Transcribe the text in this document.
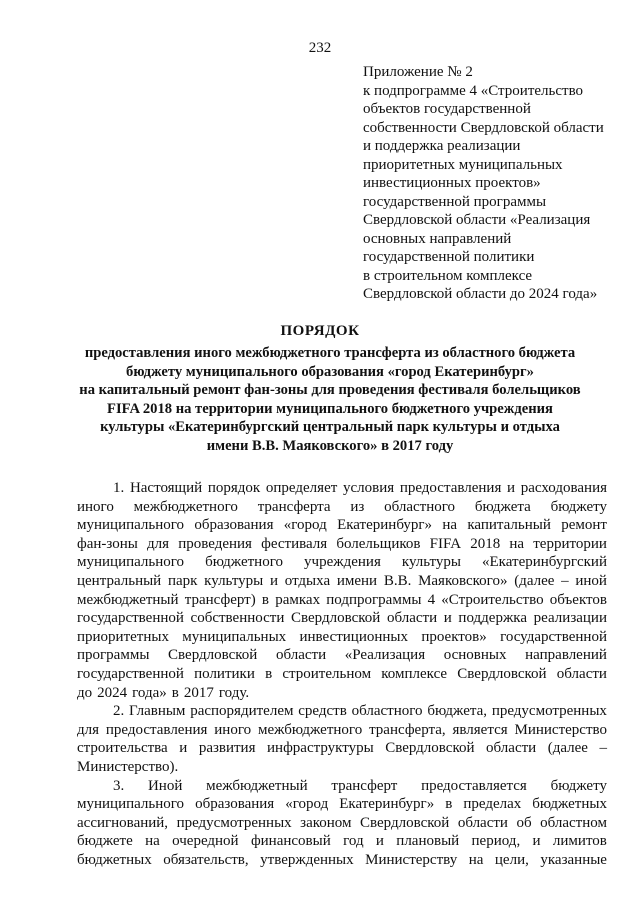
232
Приложение № 2
к подпрограмме 4 «Строительство
объектов государственной
собственности Свердловской области
и поддержка реализации
приоритетных муниципальных
инвестиционных проектов»
государственной программы
Свердловской области «Реализация
основных направлений
государственной политики
в строительном комплексе
Свердловской области до 2024 года»
ПОРЯДОК
предоставления иного межбюджетного трансферта из областного бюджета
бюджету муниципального образования «город Екатеринбург»
на капитальный ремонт фан-зоны для проведения фестиваля болельщиков
FIFA 2018 на территории муниципального бюджетного учреждения
культуры «Екатеринбургский центральный парк культуры и отдыха
имени В.В. Маяковского» в 2017 году
1. Настоящий порядок определяет условия предоставления и расходования
иного межбюджетного трансферта из областного бюджета бюджету
муниципального образования «город Екатеринбург» на капитальный ремонт
фан-зоны для проведения фестиваля болельщиков FIFA 2018 на территории
муниципального бюджетного учреждения культуры «Екатеринбургский
центральный парк культуры и отдыха имени В.В. Маяковского» (далее – иной
межбюджетный трансферт) в рамках подпрограммы 4 «Строительство объектов
государственной собственности Свердловской области и поддержка реализации
приоритетных муниципальных инвестиционных проектов» государственной
программы Свердловской области «Реализация основных направлений
государственной политики в строительном комплексе Свердловской области
до 2024 года» в 2017 году.
2. Главным распорядителем средств областного бюджета, предусмотренных
для предоставления иного межбюджетного трансферта, является Министерство
строительства и развития инфраструктуры Свердловской области (далее –
Министерство).
3. Иной межбюджетный трансферт предоставляется бюджету
муниципального образования «город Екатеринбург» в пределах бюджетных
ассигнований, предусмотренных законом Свердловской области об областном
бюджете на очередной финансовый год и плановый период, и лимитов
бюджетных обязательств, утвержденных Министерству на цели, указанные
